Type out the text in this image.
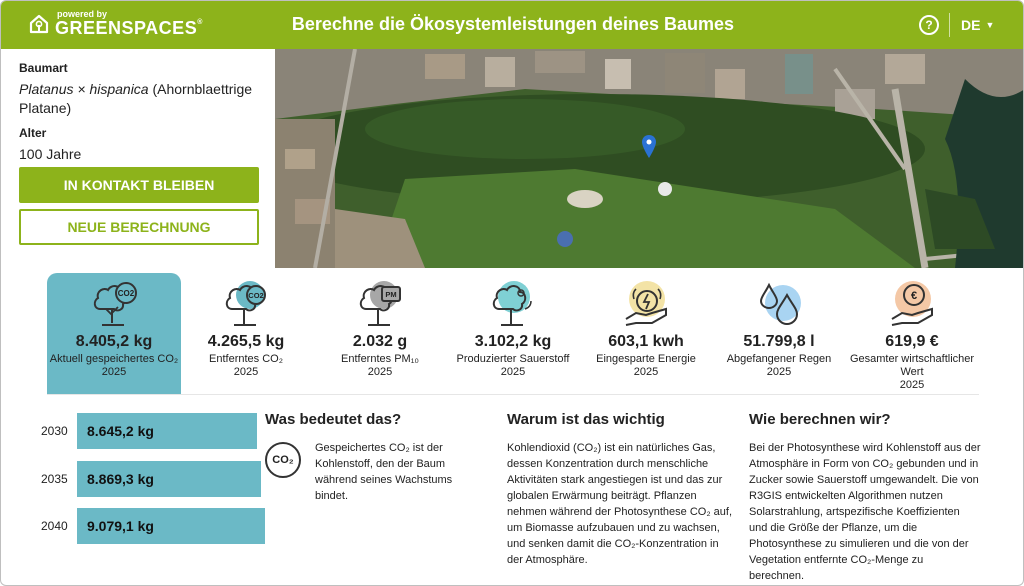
powered by
GREENSPACES®	Berechne die Ökosystemleistungen deines Baumes	?	DE ▼
Baumart
Platanus × hispanica (Ahornblaettrige Platane)
Alter
100 Jahre
IN KONTAKT BLEIBEN
NEUE BERECHNUNG
CO2
8.405,2 kg
Aktuell gespeichertes CO₂
2025
CO2
4.265,5 kg
Entferntes CO₂
2025
PM
2.032 g
Entferntes PM₁₀
2025
3.102,2 kg
Produzierter Sauerstoff
2025
603,1 kwh
Eingesparte Energie
2025
51.799,8 l
Abgefangener Regen
2025
€
619,9 €
Gesamter wirtschaftlicher Wert
2025
2030	8.645,2 kg
2035	8.869,3 kg
2040	9.079,1 kg
Was bedeutet das?
CO₂

Gespeichertes CO₂ ist der Kohlenstoff, den der Baum während seines Wachstums bindet.

Warum ist das wichtig

Kohlendioxid (CO₂) ist ein natürliches Gas, dessen Konzentration durch menschliche Aktivitäten stark angestiegen ist und das zur globalen Erwärmung beiträgt. Pflanzen nehmen während der Photosynthese CO₂ auf, um Biomasse aufzubauen und zu wachsen, und senken damit die CO₂-Konzentration in der Atmosphäre.

Wie berechnen wir?

Bei der Photosynthese wird Kohlenstoff aus der Atmosphäre in Form von CO₂ gebunden und in Zucker sowie Sauerstoff umgewandelt. Die von R3GIS entwickelten Algorithmen nutzen Solarstrahlung, artspezifische Koeffizienten und die Größe der Pflanze, um die Photosynthese zu simulieren und die von der Vegetation entfernte CO₂-Menge zu berechnen.
